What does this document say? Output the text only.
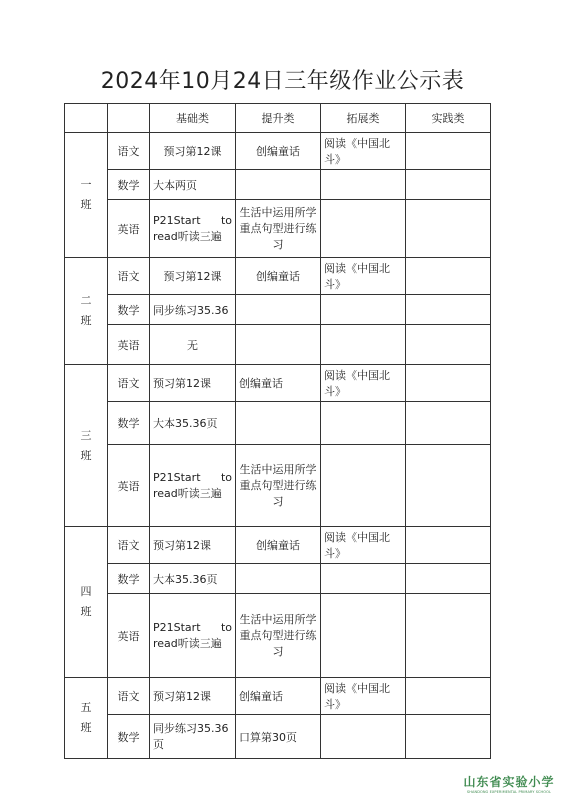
2024年10月24日三年级作业公示表
		基础类	提升类	拓展类	实践类

一
班	语文	预习第12课	创编童话	阅读《中国北斗》	
	数学	大本两页			
	英语	P21Start to
read听读三遍	生活中运用所学重点句型进行练习		

二
班	语文	预习第12课	创编童话	阅读《中国北斗》	
	数学	同步练习35.36			
	英语	无			

三
班	语文	预习第12课	创编童话	阅读《中国北斗》	
	数学	大本35.36页			
	英语	P21Start to
read听读三遍	生活中运用所学重点句型进行练习		

四
班	语文	预习第12课	创编童话	阅读《中国北斗》	
	数学	大本35.36页			
	英语	P21Start to
read听读三遍	生活中运用所学重点句型进行练习		

五
班	语文	预习第12课	创编童话	阅读《中国北斗》	
	数学	同步练习35.36页	口算第30页		
山东省实验小学
SHANDONG EXPERIMENTAL PRIMARY SCHOOL
